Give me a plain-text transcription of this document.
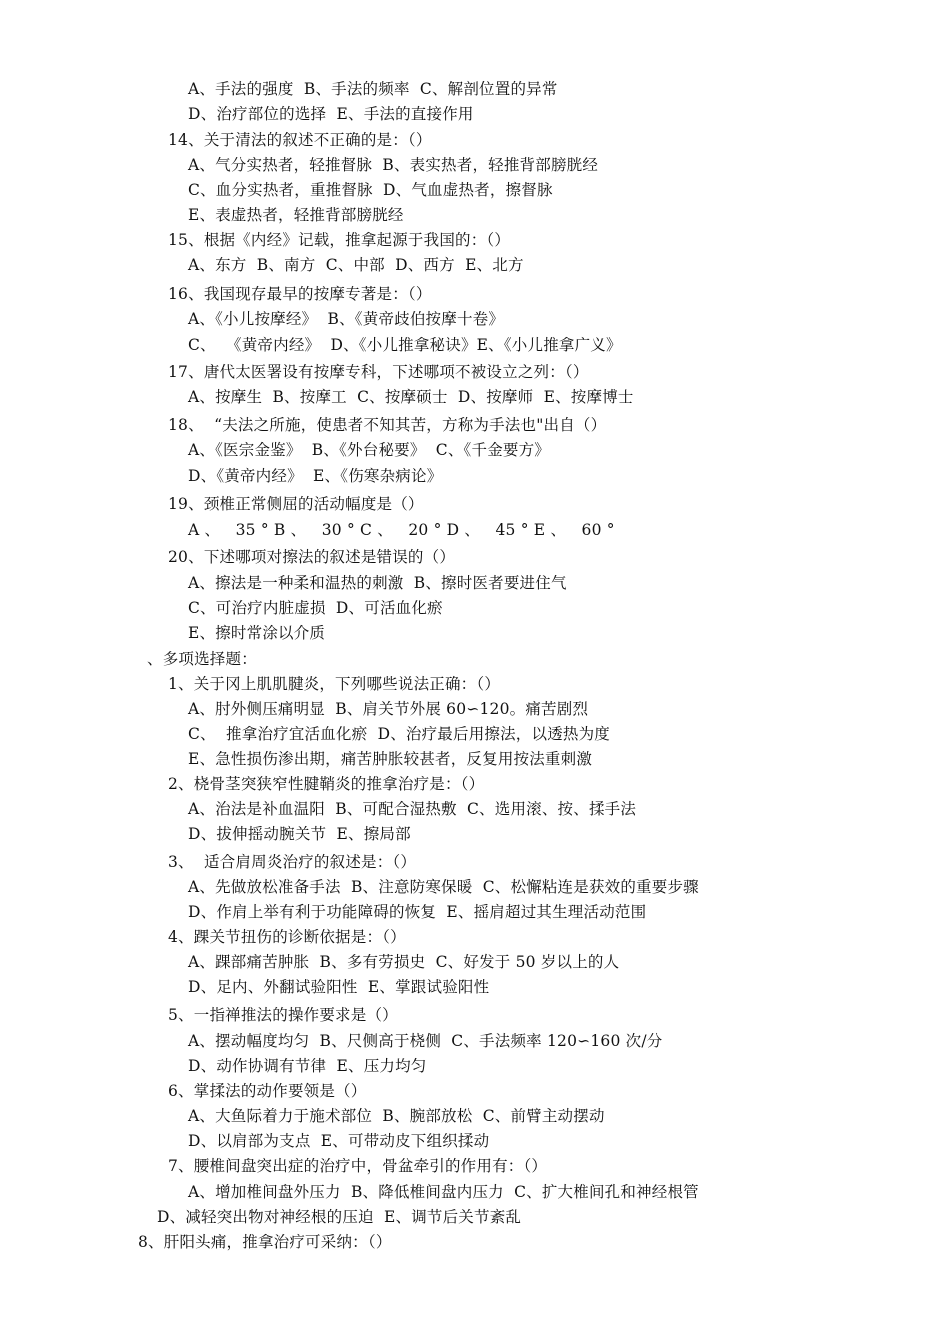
A、手法的强度  B、手法的频率  C、解剖位置的异常
D、治疗部位的选择  E、手法的直接作用
14、关于清法的叙述不正确的是：（）
A、气分实热者，轻推督脉  B、表实热者，轻推背部膀胱经
C、血分实热者，重推督脉  D、气血虚热者，擦督脉
E、表虚热者，轻推背部膀胱经
15、根据《内经》记载，推拿起源于我国的：（）
A、东方  B、南方  C、中部  D、西方  E、北方
16、我国现存最早的按摩专著是：（）
A、《小儿按摩经》  B、《黄帝歧伯按摩十卷》
C、  《黄帝内经》  D、《小儿推拿秘诀》E、《小儿推拿广义》
17、唐代太医署设有按摩专科，下述哪项不被设立之列：（）
A、按摩生  B、按摩工  C、按摩硕士  D、按摩师  E、按摩博士
18、  “夫法之所施，使患者不知其苦，方称为手法也"出自（）
A、《医宗金鉴》  B、《外台秘要》  C、《千金要方》
D、《黄帝内经》  E、《伤寒杂病论》
19、颈椎正常侧屈的活动幅度是（）
A 、   35 ° B 、   30 ° C 、   20 ° D 、   45 ° E 、   60 °
20、下述哪项对擦法的叙述是错误的（）
A、擦法是一种柔和温热的刺激  B、擦时医者要进住气
C、可治疗内脏虚损  D、可活血化瘀
E、擦时常涂以介质
、多项选择题：
1、关于冈上肌肌腱炎，下列哪些说法正确：（）
A、肘外侧压痛明显  B、肩关节外展 60∽120。痛苦剧烈
C、  推拿治疗宜活血化瘀  D、治疗最后用擦法，以透热为度
E、急性损伤渗出期，痛苦肿胀较甚者，反复用按法重刺激
2、桡骨茎突狭窄性腱鞘炎的推拿治疗是：（）
A、治法是补血温阳  B、可配合湿热敷  C、选用滚、按、揉手法
D、拔伸摇动腕关节  E、擦局部
3、  适合肩周炎治疗的叙述是：（）
A、先做放松准备手法  B、注意防寒保暖  C、松懈粘连是获效的重要步骤
D、作肩上举有利于功能障碍的恢复  E、摇肩超过其生理活动范围
4、踝关节扭伤的诊断依据是：（）
A、踝部痛苦肿胀  B、多有劳损史  C、好发于 50 岁以上的人
D、足内、外翻试验阳性  E、掌跟试验阳性
5、一指禅推法的操作要求是（）
A、摆动幅度均匀  B、尺侧高于桡侧  C、手法频率 120∽160 次/分
D、动作协调有节律  E、压力均匀
6、掌揉法的动作要领是（）
A、大鱼际着力于施术部位  B、腕部放松  C、前臂主动摆动
D、以肩部为支点  E、可带动皮下组织揉动
7、腰椎间盘突出症的治疗中，骨盆牵引的作用有：（）
A、增加椎间盘外压力  B、降低椎间盘内压力  C、扩大椎间孔和神经根管
D、减轻突出物对神经根的压迫  E、调节后关节紊乱
8、肝阳头痛，推拿治疗可采纳：（）
